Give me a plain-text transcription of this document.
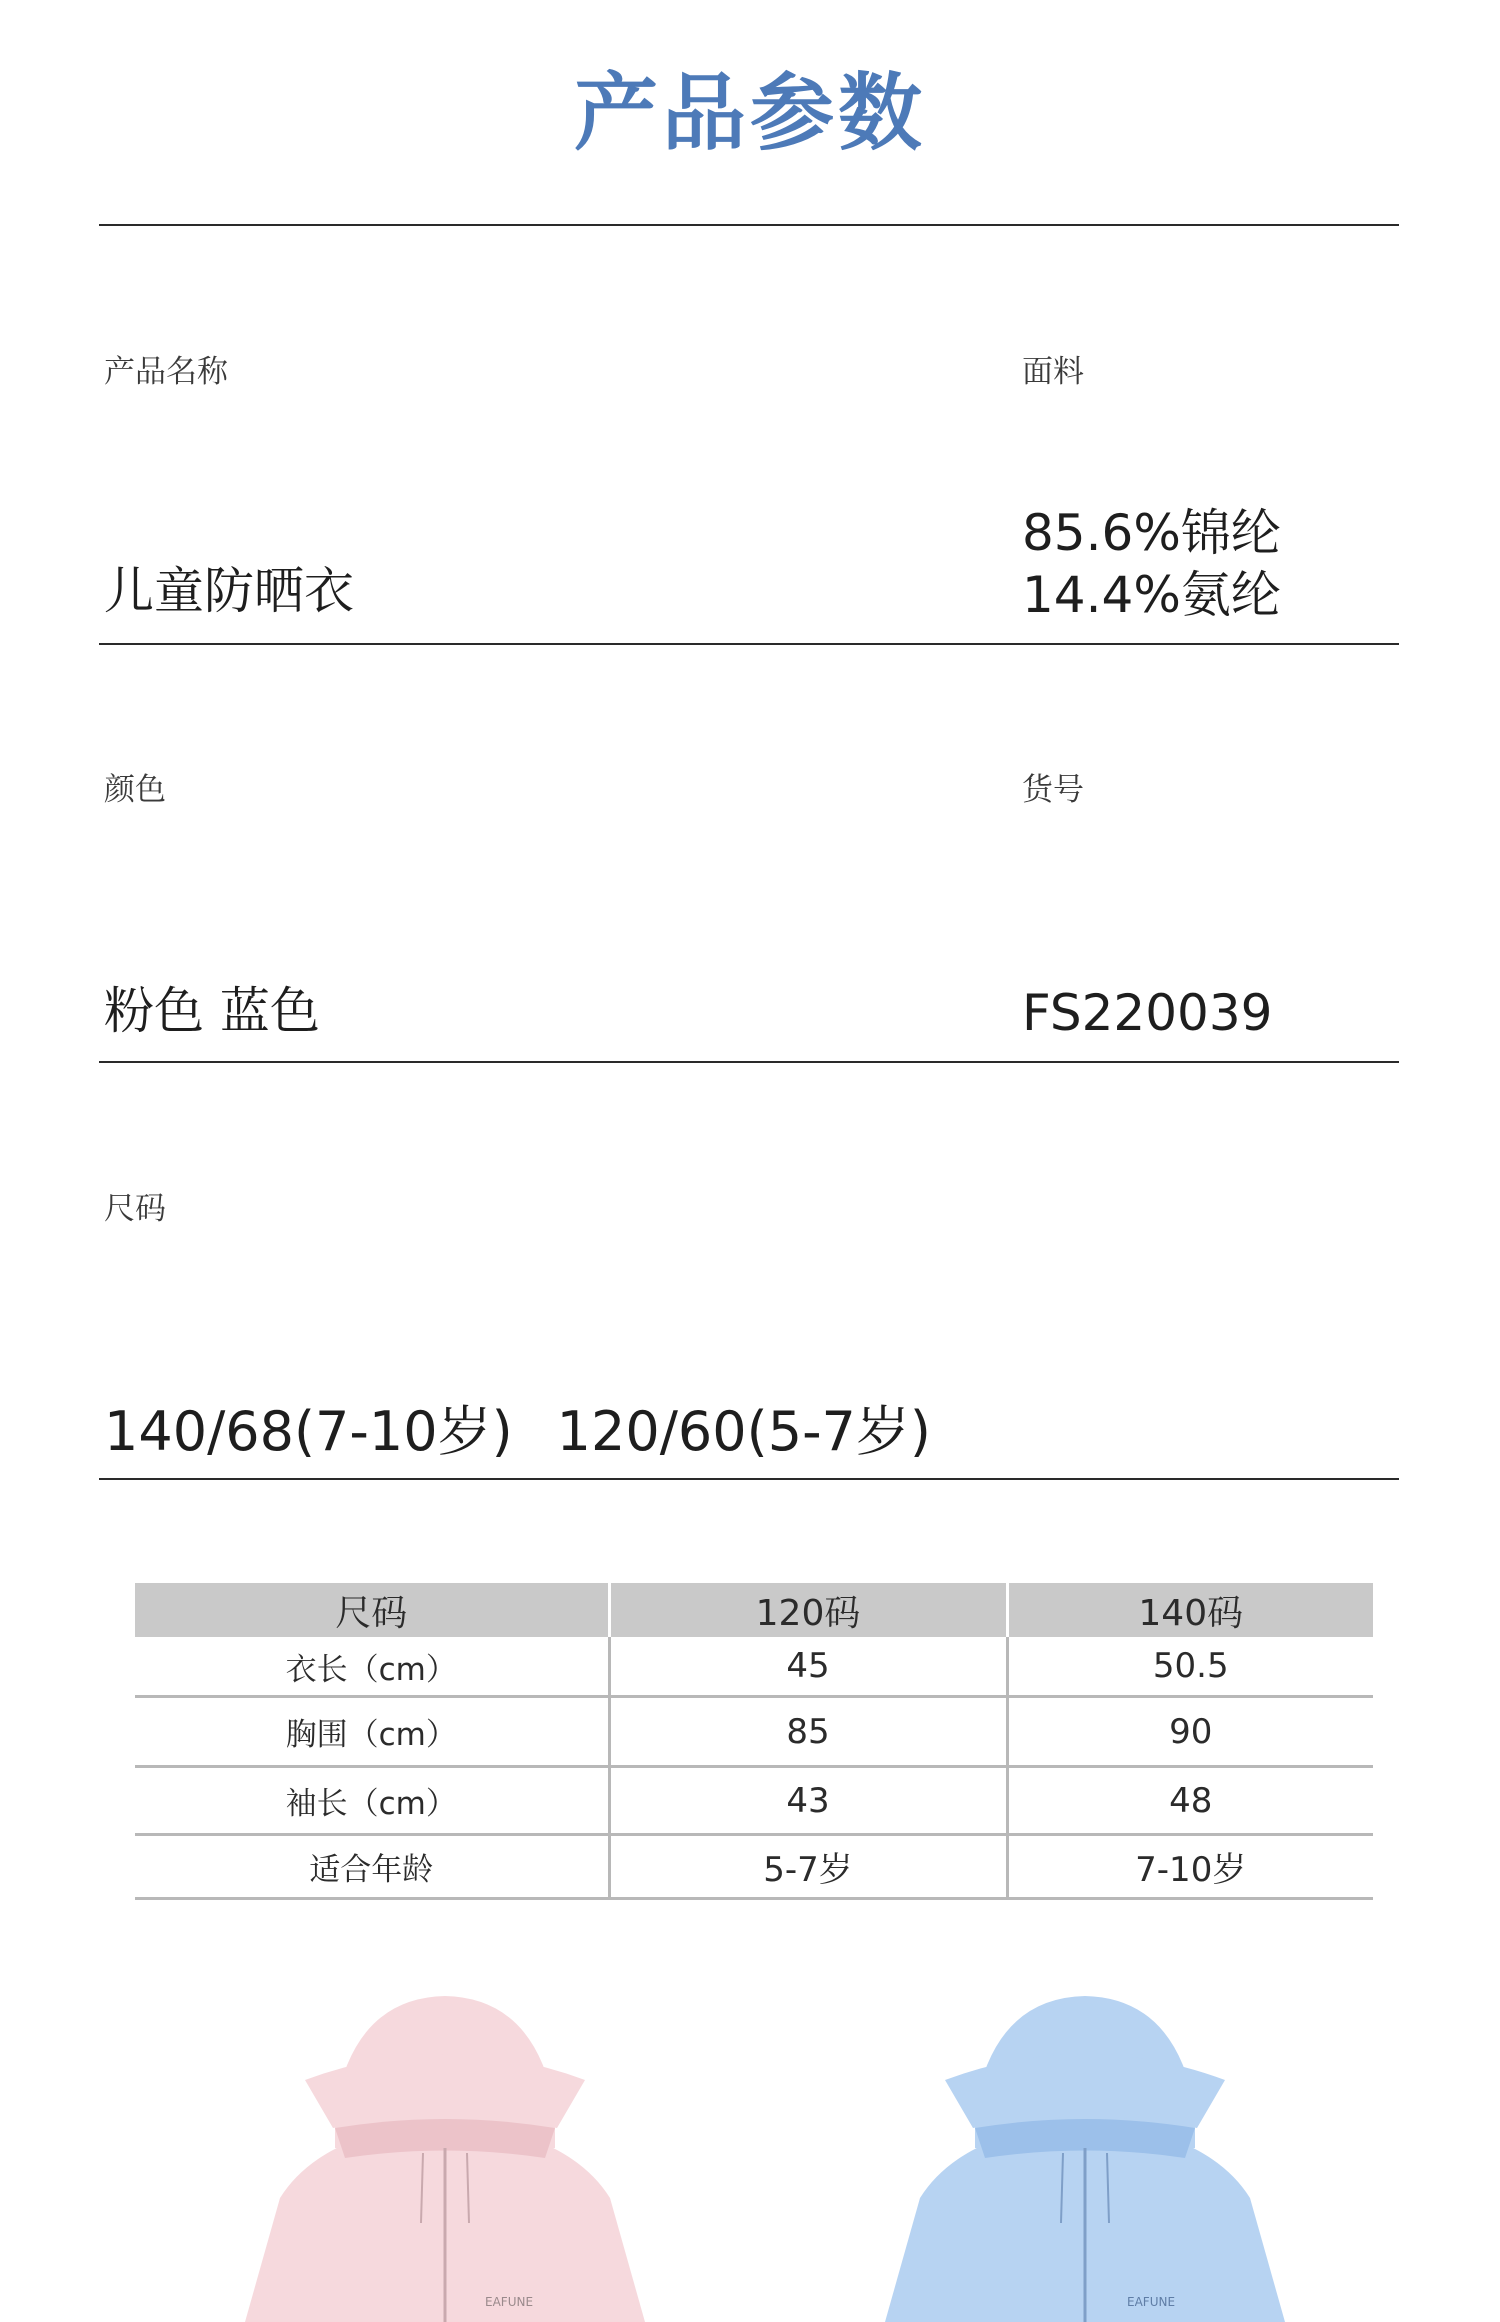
产品参数
产品名称
儿童防晒衣
面料
85.6%锦纶
14.4%氨纶
颜色
粉色 蓝色
货号
FS220039
尺码
140/68(7-10岁) 120/60(5-7岁)
尺码	120码	140码
衣长（cm）	45	50.5
胸围（cm）	85	90
袖长（cm）	43	48
适合年龄	5-7岁	7-10岁
EAFUNE	EAFUNE
